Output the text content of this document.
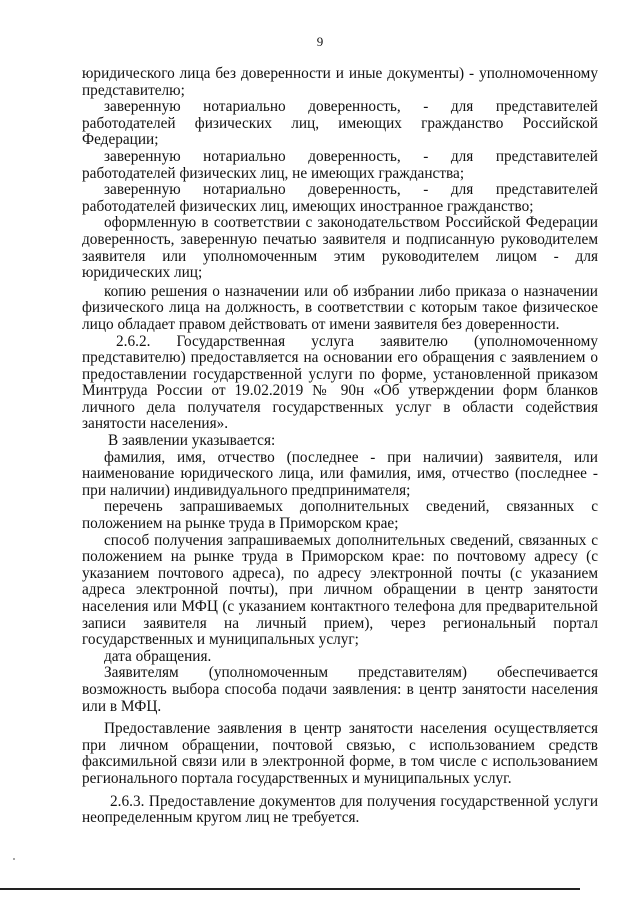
9

юридического лица без доверенности и иные документы) - уполномоченному представителю;

заверенную нотариально доверенность, - для представителей работодателей физических лиц, имеющих гражданство Российской Федерации;

заверенную нотариально доверенность, - для представителей работодателей физических лиц, не имеющих гражданства;

заверенную нотариально доверенность, - для представителей работодателей физических лиц, имеющих иностранное гражданство;

оформленную в соответствии с законодательством Российской Федерации доверенность, заверенную печатью заявителя и подписанную руководителем заявителя или уполномоченным этим руководителем лицом - для юридических лиц;

копию решения о назначении или об избрании либо приказа о назначении физического лица на должность, в соответствии с которым такое физическое лицо обладает правом действовать от имени заявителя без доверенности.

2.6.2. Государственная услуга заявителю (уполномоченному представителю) предоставляется на основании его обращения с заявлением о предоставлении государственной услуги по форме, установленной приказом Минтруда России от 19.02.2019 № 90н «Об утверждении форм бланков личного дела получателя государственных услуг в области содействия занятости населения».

В заявлении указывается:

фамилия, имя, отчество (последнее - при наличии) заявителя, или наименование юридического лица, или фамилия, имя, отчество (последнее - при наличии) индивидуального предпринимателя;

перечень запрашиваемых дополнительных сведений, связанных с положением на рынке труда в Приморском крае;

способ получения запрашиваемых дополнительных сведений, связанных с положением на рынке труда в Приморском крае: по почтовому адресу (с указанием почтового адреса), по адресу электронной почты (с указанием адреса электронной почты), при личном обращении в центр занятости населения или МФЦ (с указанием контактного телефона для предварительной записи заявителя на личный прием), через региональный портал государственных и муниципальных услуг;

дата обращения.

Заявителям (уполномоченным представителям) обеспечивается возможность выбора способа подачи заявления: в центр занятости населения или в МФЦ.

Предоставление заявления в центр занятости населения осуществляется при личном обращении, почтовой связью, с использованием средств факсимильной связи или в электронной форме, в том числе с использованием регионального портала государственных и муниципальных услуг.

2.6.3. Предоставление документов для получения государственной услуги неопределенным кругом лиц не требуется.
